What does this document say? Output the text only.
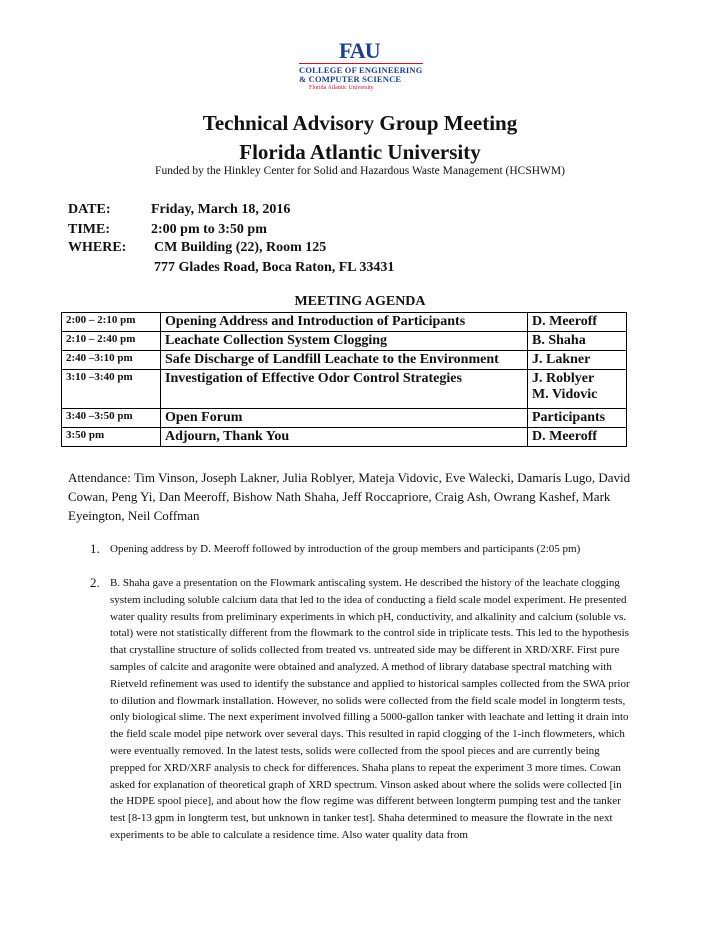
FAU
COLLEGE OF ENGINEERING
& COMPUTER SCIENCE
Florida Atlantic University
Technical Advisory Group Meeting
Florida Atlantic University
Funded by the Hinkley Center for Solid and Hazardous Waste Management (HCSHWM)
DATE:	Friday, March 18, 2016
TIME:	2:00 pm to 3:50 pm
WHERE: CM Building (22), Room 125
777 Glades Road, Boca Raton, FL 33431
MEETING AGENDA
2:00 – 2:10 pm	Opening Address and Introduction of Participants	D. Meeroff
2:10 – 2:40 pm	Leachate Collection System Clogging	B. Shaha
2:40 –3:10 pm	Safe Discharge of Landfill Leachate to the Environment	J. Lakner
3:10 –3:40 pm	Investigation of Effective Odor Control Strategies	J. Roblyer
M. Vidovic

3:40 –3:50 pm	Open Forum	Participants
3:50 pm	Adjourn, Thank You	D. Meeroff
Attendance: Tim Vinson, Joseph Lakner, Julia Roblyer, Mateja Vidovic, Eve Walecki, Damaris Lugo, David Cowan, Peng Yi, Dan Meeroff, Bishow Nath Shaha, Jeff Roccapriore, Craig Ash, Owrang Kashef, Mark Eyeington, Neil Coffman
1. Opening address by D. Meeroff followed by introduction of the group members and participants (2:05 pm)
2. B. Shaha gave a presentation on the Flowmark antiscaling system. He described the history of the leachate clogging system including soluble calcium data that led to the idea of conducting a field scale model experiment. He presented water quality results from preliminary experiments in which pH, conductivity, and alkalinity and calcium (soluble vs. total) were not statistically different from the flowmark to the control side in triplicate tests. This led to the hypothesis that crystalline structure of solids collected from treated vs. untreated side may be different in XRD/XRF. First pure samples of calcite and aragonite were obtained and analyzed. A method of library database spectral matching with Rietveld refinement was used to identify the substance and applied to historical samples collected from the SWA prior to dilution and flowmark installation. However, no solids were collected from the field scale model in longterm tests, only biological slime. The next experiment involved filling a 5000-gallon tanker with leachate and letting it drain into the field scale model pipe network over several days. This resulted in rapid clogging of the 1-inch flowmeters, which were eventually removed. In the latest tests, solids were collected from the spool pieces and are currently being prepped for XRD/XRF analysis to check for differences. Shaha plans to repeat the experiment 3 more times. Cowan asked for explanation of theoretical graph of XRD spectrum. Vinson asked about where the solids were collected [in the HDPE spool piece], and about how the flow regime was different between longterm pumping test and the tanker test [8-13 gpm in longterm test, but unknown in tanker test]. Shaha determined to measure the flowrate in the next experiments to be able to calculate a residence time. Also water quality data from
